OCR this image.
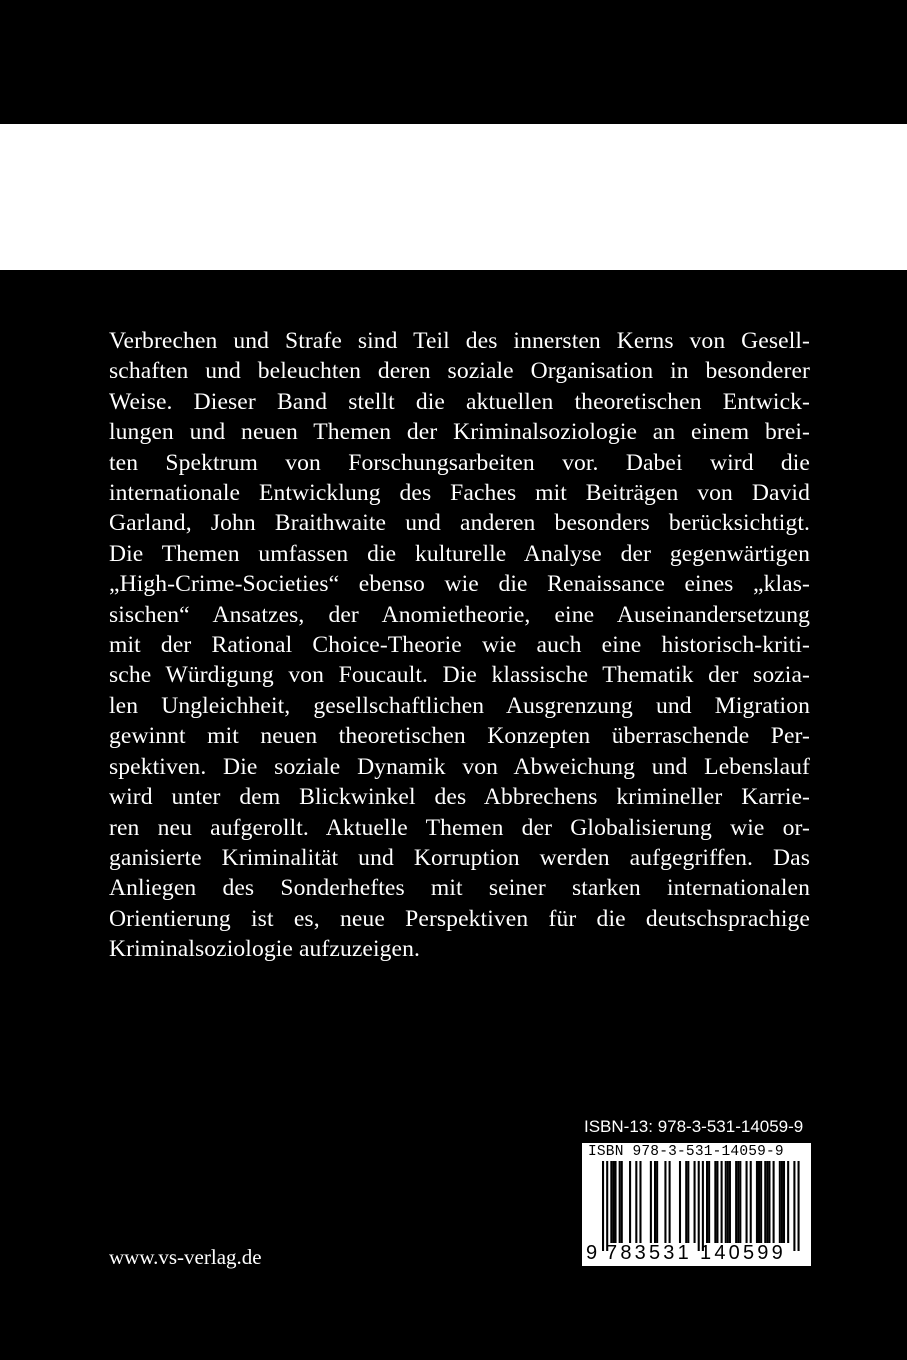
Verbrechen und Strafe sind Teil des innersten Kerns von Gesell-
schaften und beleuchten deren soziale Organisation in besonderer
Weise. Dieser Band stellt die aktuellen theoretischen Entwick-
lungen und neuen Themen der Kriminalsoziologie an einem brei-
ten Spektrum von Forschungsarbeiten vor. Dabei wird die
internationale Entwicklung des Faches mit Beiträgen von David
Garland, John Braithwaite und anderen besonders berücksichtigt.
Die Themen umfassen die kulturelle Analyse der gegenwärtigen
„High-Crime-Societies“ ebenso wie die Renaissance eines „klas-
sischen“ Ansatzes, der Anomietheorie, eine Auseinandersetzung
mit der Rational Choice-Theorie wie auch eine historisch-kriti-
sche Würdigung von Foucault. Die klassische Thematik der sozia-
len Ungleichheit, gesellschaftlichen Ausgrenzung und Migration
gewinnt mit neuen theoretischen Konzepten überraschende Per-
spektiven. Die soziale Dynamik von Abweichung und Lebenslauf
wird unter dem Blickwinkel des Abbrechens krimineller Karrie-
ren neu aufgerollt. Aktuelle Themen der Globalisierung wie or-
ganisierte Kriminalität und Korruption werden aufgegriffen. Das
Anliegen des Sonderheftes mit seiner starken internationalen
Orientierung ist es, neue Perspektiven für die deutschsprachige
Kriminalsoziologie aufzuzeigen.
ISBN-13: 978-3-531-14059-9
ISBN 978-3-531-14059-9
9 783531 140599
www.vs-verlag.de
